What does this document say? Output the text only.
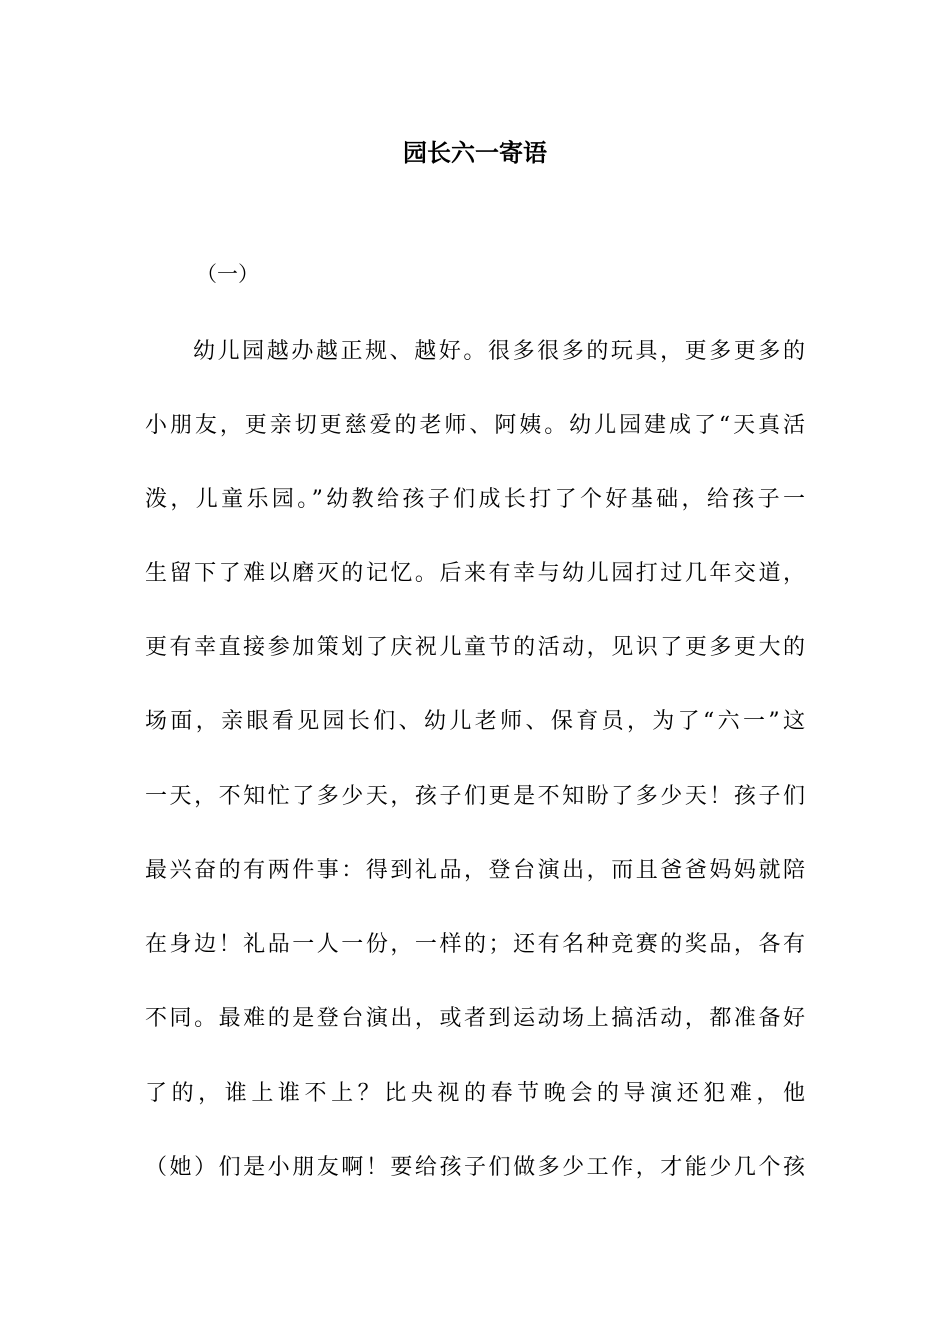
园长六一寄语
（一）
幼儿园越办越正规、越好。很多很多的玩具，更多更多的
小朋友，更亲切更慈爱的老师、阿姨。幼儿园建成了“天真活
泼，儿童乐园。”幼教给孩子们成长打了个好基础，给孩子一
生留下了难以磨灭的记忆。后来有幸与幼儿园打过几年交道，
更有幸直接参加策划了庆祝儿童节的活动，见识了更多更大的
场面，亲眼看见园长们、幼儿老师、保育员，为了“六一”这
一天，不知忙了多少天，孩子们更是不知盼了多少天！孩子们
最兴奋的有两件事：得到礼品，登台演出，而且爸爸妈妈就陪
在身边！礼品一人一份，一样的；还有名种竞赛的奖品，各有
不同。最难的是登台演出，或者到运动场上搞活动，都准备好
了的，谁上谁不上？比央视的春节晚会的导演还犯难，他
（她）们是小朋友啊！要给孩子们做多少工作，才能少几个孩
